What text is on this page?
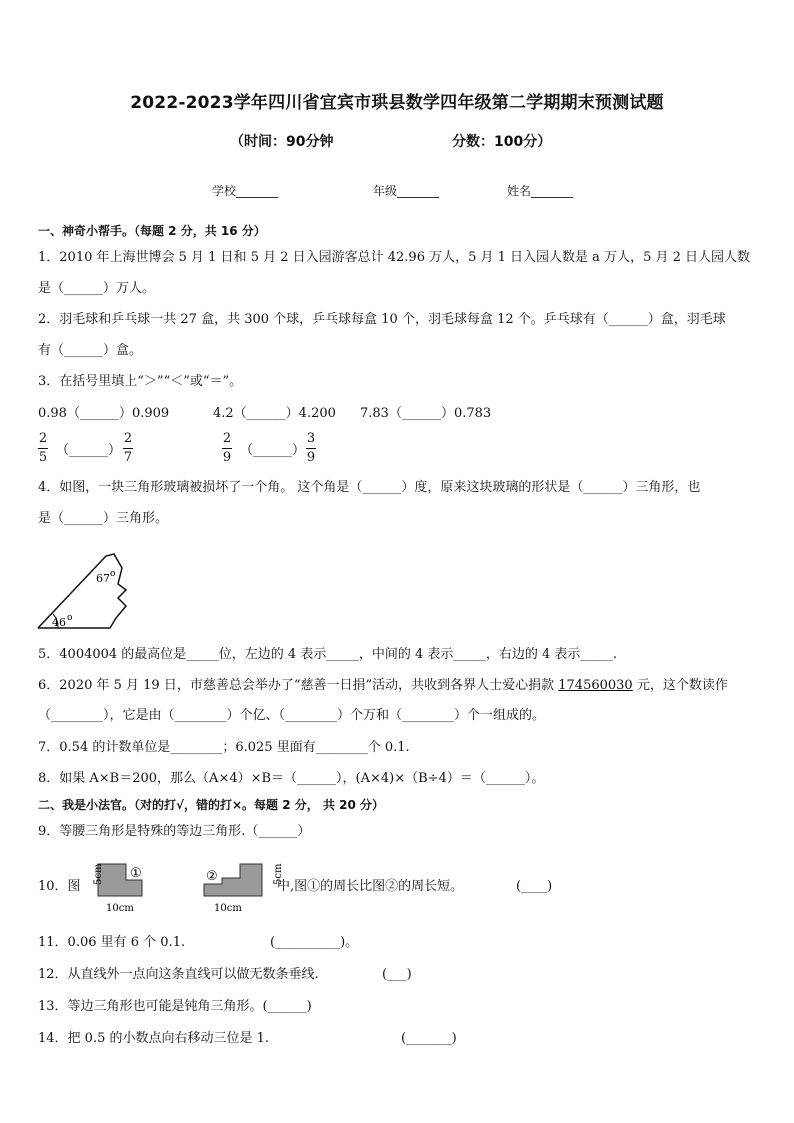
2022-2023学年四川省宜宾市珙县数学四年级第二学期期末预测试题
（时间：90分钟	分数：100分）
学校_______	年级_______	姓名_______
一、神奇小帮手。（每题 2 分，共 16 分）
1．2010 年上海世博会 5 月 1 日和 5 月 2 日入园游客总计 42.96 万人，5 月 1 日入园人数是 a 万人，5 月 2 日人园人数
是（______）万人。
2．羽毛球和乒乓球一共 27 盒，共 300 个球，乒乓球每盒 10 个，羽毛球每盒 12 个。乒乓球有（______）盒，羽毛球
有（______）盒。
3．在括号里填上“＞”“＜”或“＝”。
0.98（______）0.909	4.2（______）4.200 7.83（______）0.783
2
5 （______）
2
7
2
9 （______）
3
9
4．如图，一块三角形玻璃被损坏了一个角。 这个角是（______）度，原来这块玻璃的形状是（______）三角形，也
是（______）三角形。
46
67 o
o
5．4004004 的最高位是_____位，左边的 4 表示_____，中间的 4 表示_____，右边的 4 表示_____.
6．2020 年 5 月 19 日，市慈善总会举办了“慈善一日捐”活动，共收到各界人士爱心捐款 174560030 元，这个数读作
（________），它是由（________）个亿、（________）个万和（________）个一组成的。
7．0.54 的计数单位是________；6.025 里面有________个 0.1.
8．如果 A×B＝200，那么（A×4）×B＝（______），(A×4)×（B÷4）＝（______）。
二、我是小法官。（对的打√，错的打×。每题 2 分， 共 20 分）
9．等腰三角形是特殊的等边三角形.（______）
10．图
5cm
10cm
①	5cm
10cm
②
中,图①的周长比图②的周长短。	(____)
11．0.06 里有 6 个 0.1.	(__________)。
12．从直线外一点向这条直线可以做无数条垂线.	(___)
13．等边三角形也可能是钝角三角形。(______)
14．把 0.5 的小数点向右移动三位是 1.	(_______)
